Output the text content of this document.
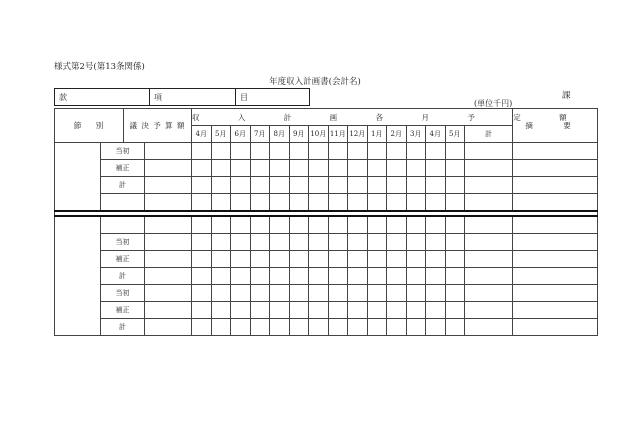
様式第2号(第13条関係)
年度収入計画書(会計名)
課
(単位千円)
款	項	目
節 別		議 決 予 算 額		収 入 計 画 各 月 予 定 額															摘 要
				4月	5月	6月	7月	8月	9月	10月	11月	12月	1月	2月	3月	4月	5月	計	
	当初																		
	補正																		
	計																		

	当初																		
	補正																		
	計																		
	当初																		
	補正																		
	計																		
